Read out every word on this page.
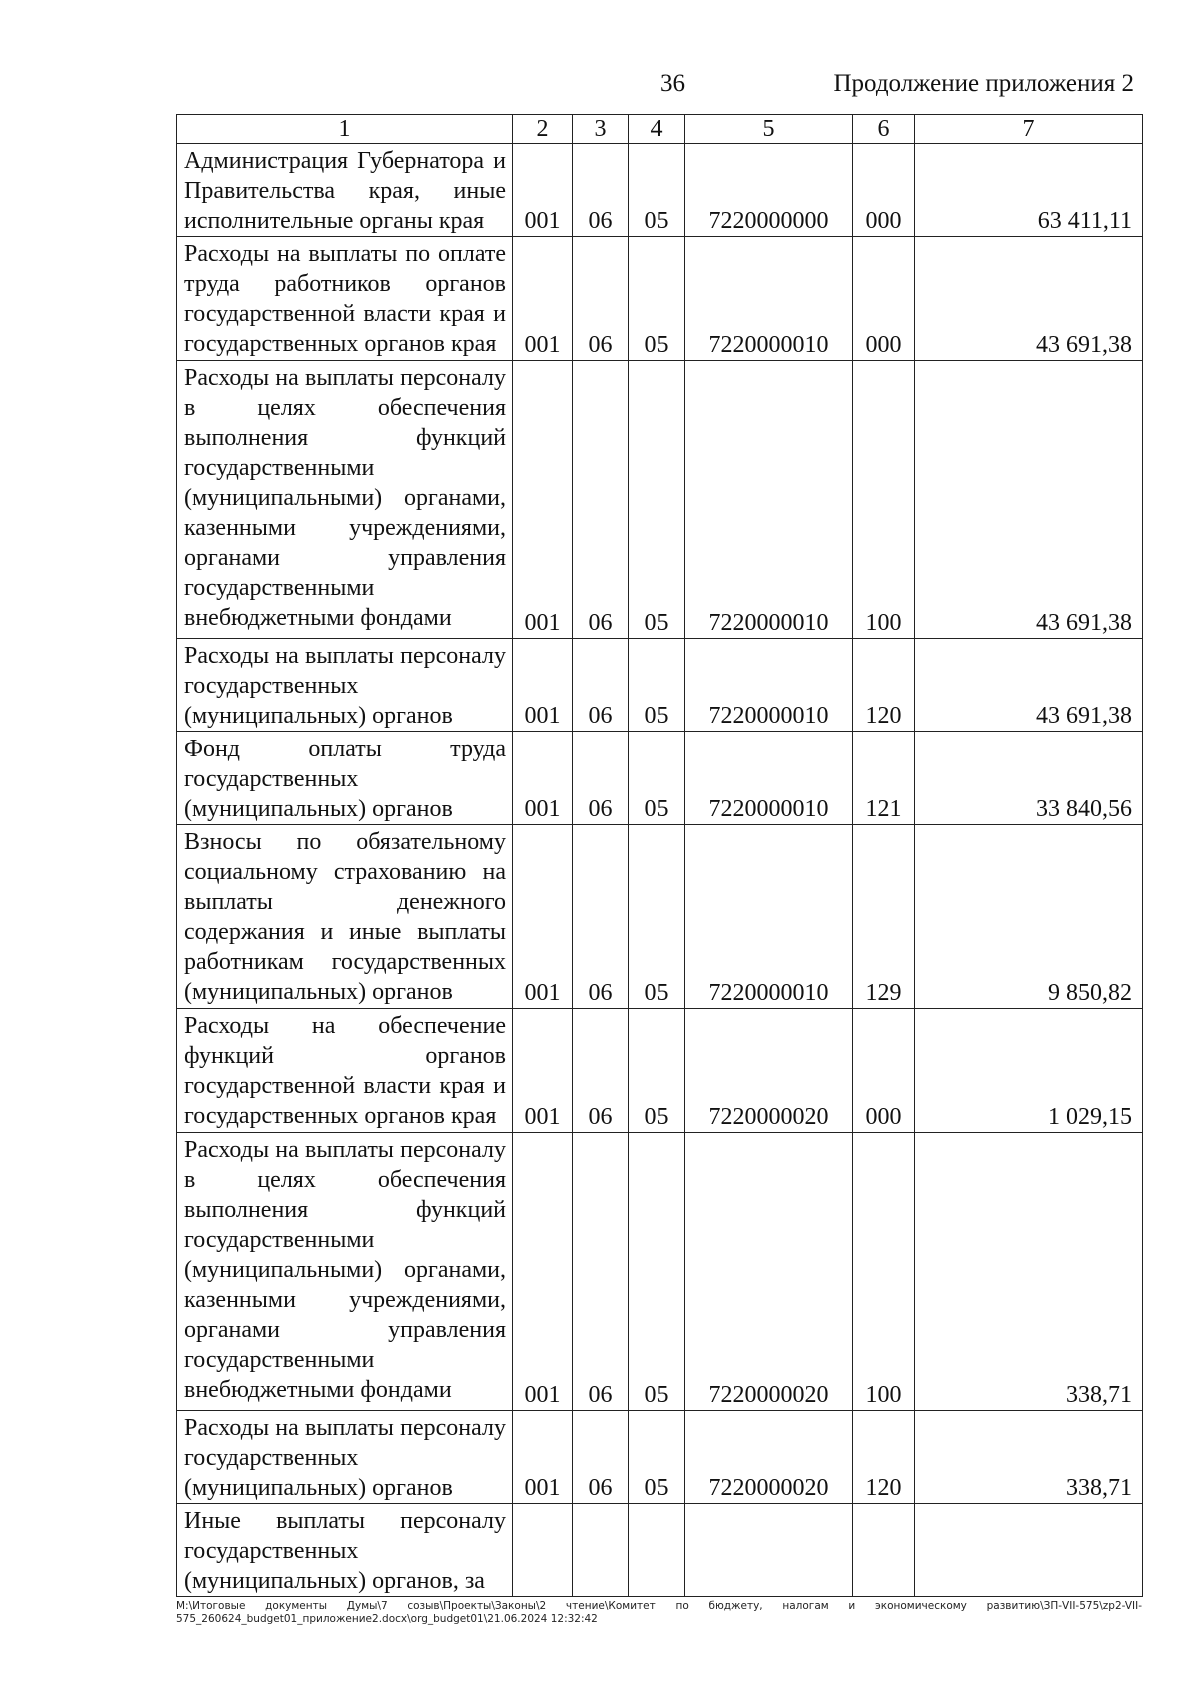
36	Продолжение приложения 2
1	2	3	4	5	6	7
Администрация Губернатора и Правительства края, иные исполнительные органы края	001	06	05	7220000000	000	63 411,11
Расходы на выплаты по оплате труда работников органов государственной власти края и государственных органов края	001	06	05	7220000010	000	43 691,38
Расходы на выплаты персоналу в целях обеспечения выполнения функций государственными (муниципальными) органами, казенными учреждениями, органами управления государственными внебюджетными фондами	001	06	05	7220000010	100	43 691,38
Расходы на выплаты персоналу государственных (муниципальных) органов	001	06	05	7220000010	120	43 691,38
Фонд оплаты труда государственных (муниципальных) органов	001	06	05	7220000010	121	33 840,56
Взносы по обязательному социальному страхованию на выплаты денежного содержания и иные выплаты работникам государственных (муниципальных) органов	001	06	05	7220000010	129	9 850,82
Расходы на обеспечение функций органов государственной власти края и государственных органов края	001	06	05	7220000020	000	1 029,15
Расходы на выплаты персоналу в целях обеспечения выполнения функций государственными (муниципальными) органами, казенными учреждениями, органами управления государственными внебюджетными фондами	001	06	05	7220000020	100	338,71
Расходы на выплаты персоналу государственных (муниципальных) органов	001	06	05	7220000020	120	338,71
Иные выплаты персоналу государственных (муниципальных) органов, за						
M:\Итоговые документы Думы\7 созыв\Проекты\Законы\2 чтение\Комитет по бюджету, налогам и экономическому развитию\ЗП-VII-575\zp2-VII-575_260624_budget01_приложение2.docx\org_budget01\21.06.2024 12:32:42
